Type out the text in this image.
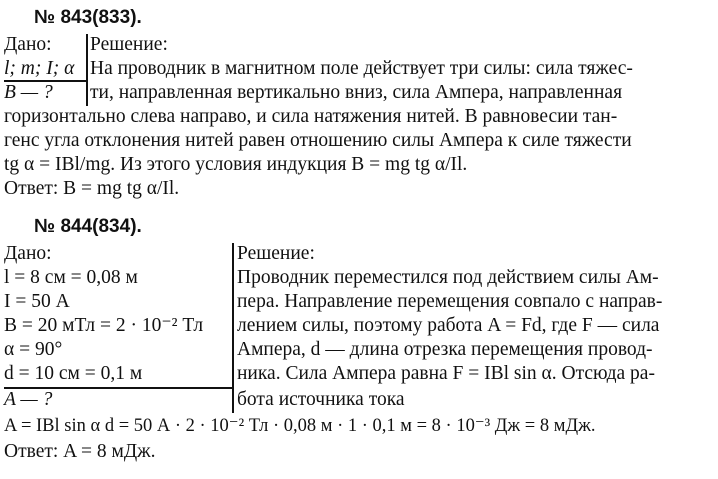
№ 843(833).
Дано:
l; m; I; α
B — ?
Решение:
На проводник в магнитном поле действует три силы: сила тяжес-
ти, направленная вертикально вниз, сила Ампера, направленная
горизонтально слева направо, и сила натяжения нитей. В равновесии тан-
генс угла отклонения нитей равен отношению силы Ампера к силе тяжести
tg α = IBl/mg. Из этого условия индукция B = mg tg α/Il.
Ответ: B = mg tg α/Il.
№ 844(834).
Дано:
l = 8 см = 0,08 м
I = 50 А
B = 20 мТл = 2 · 10⁻² Тл
α = 90°
d = 10 см = 0,1 м
A — ?
Решение:
Проводник переместился под действием силы Ам-
пера. Направление перемещения совпало с направ-
лением силы, поэтому работа A = Fd, где F — сила
Ампера, d — длина отрезка перемещения провод-
ника. Сила Ампера равна F = IBl sin α. Отсюда ра-
бота источника тока
A = IBl sin α d = 50 А · 2 · 10⁻² Тл · 0,08 м · 1 · 0,1 м = 8 · 10⁻³ Дж = 8 мДж.
Ответ: A = 8 мДж.
